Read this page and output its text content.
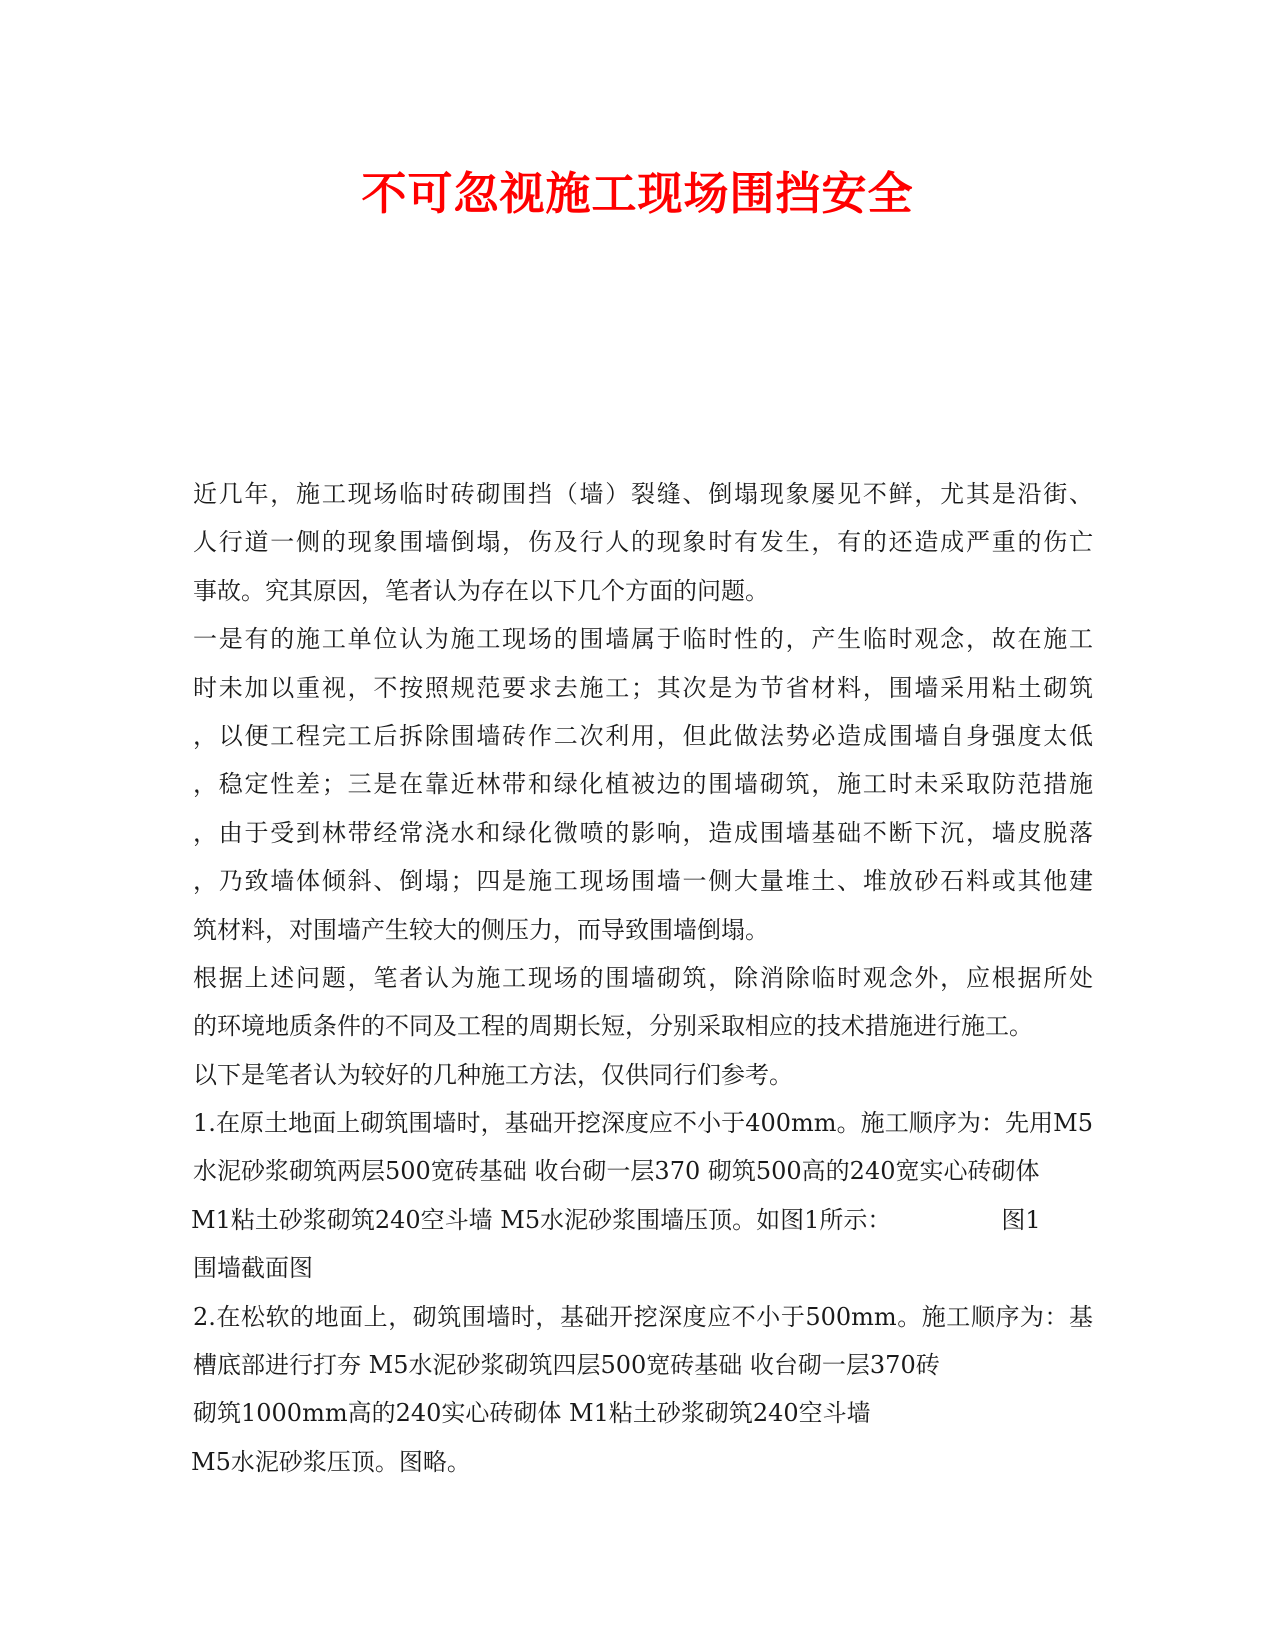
不可忽视施工现场围挡安全
近几年，施工现场临时砖砌围挡（墙）裂缝、倒塌现象屡见不鲜，尤其是沿街、
人行道一侧的现象围墙倒塌，伤及行人的现象时有发生，有的还造成严重的伤亡
事故。究其原因，笔者认为存在以下几个方面的问题。
一是有的施工单位认为施工现场的围墙属于临时性的，产生临时观念，故在施工
时未加以重视，不按照规范要求去施工；其次是为节省材料，围墙采用粘土砌筑
，以便工程完工后拆除围墙砖作二次利用，但此做法势必造成围墙自身强度太低
，稳定性差；三是在靠近林带和绿化植被边的围墙砌筑，施工时未采取防范措施
，由于受到林带经常浇水和绿化微喷的影响，造成围墙基础不断下沉，墙皮脱落
，乃致墙体倾斜、倒塌；四是施工现场围墙一侧大量堆土、堆放砂石料或其他建
筑材料，对围墙产生较大的侧压力，而导致围墙倒塌。
根据上述问题，笔者认为施工现场的围墙砌筑，除消除临时观念外，应根据所处
的环境地质条件的不同及工程的周期长短，分别采取相应的技术措施进行施工。
以下是笔者认为较好的几种施工方法，仅供同行们参考。
1.在原土地面上砌筑围墙时，基础开挖深度应不小于400mm。施工顺序为：先用M5
水泥砂浆砌筑两层500宽砖基础 收台砌一层370 砌筑500高的240宽实心砖砌体
M1粘土砂浆砌筑240空斗墙 M5水泥砂浆围墙压顶。如图1所示：	图1
围墙截面图
2.在松软的地面上，砌筑围墙时，基础开挖深度应不小于500mm。施工顺序为：基
槽底部进行打夯 M5水泥砂浆砌筑四层500宽砖基础 收台砌一层370砖
砌筑1000mm高的240实心砖砌体 M1粘土砂浆砌筑240空斗墙
M5水泥砂浆压顶。图略。
